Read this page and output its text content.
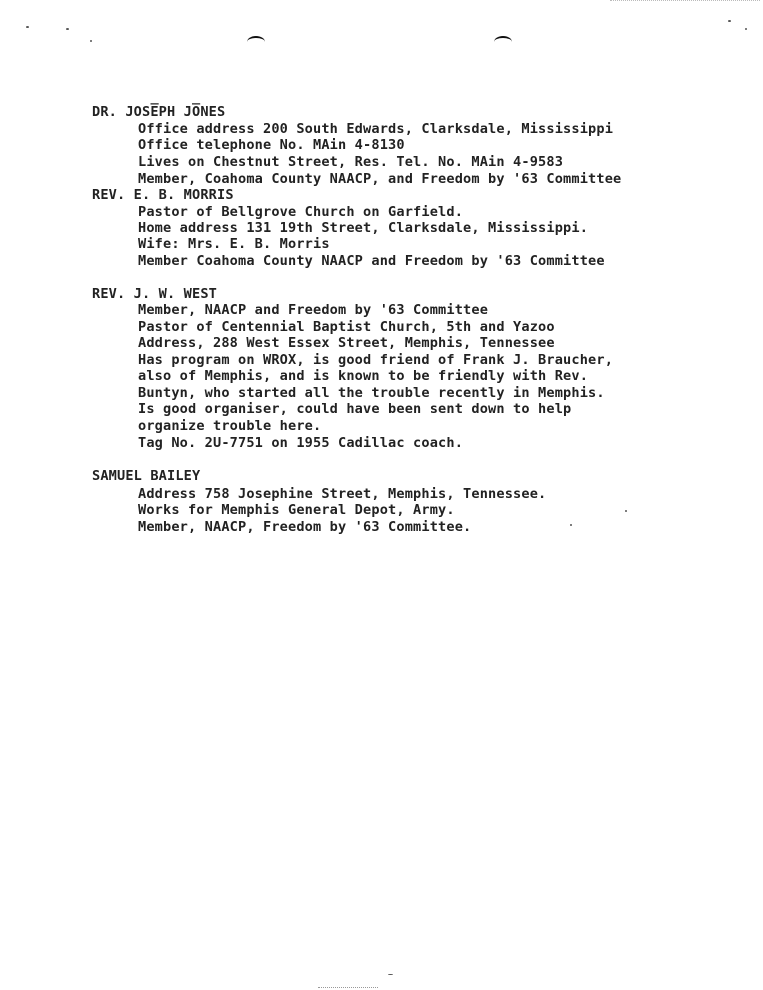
DR. JOSE̅PH JO̅NES
Office address 200 South Edwards, Clarksdale, Mississippi
Office telephone No. MAin 4-8130
Lives on Chestnut Street, Res. Tel. No. MAin 4-9583
Member, Coahoma County NAACP, and Freedom by '63 Committee
REV. E. B. MORRIS
Pastor of Bellgrove Church on Garfield.
Home address 131 19th Street, Clarksdale, Mississippi.
Wife: Mrs. E. B. Morris
Member Coahoma County NAACP and Freedom by '63 Committee
REV. J. W. WEST
Member, NAACP and Freedom by '63 Committee
Pastor of Centennial Baptist Church, 5th and Yazoo
Address, 288 West Essex Street, Memphis, Tennessee
Has program on WROX, is good friend of Frank J. Braucher,
also of Memphis, and is known to be friendly with Rev.
Buntyn, who started all the trouble recently in Memphis.
Is good organiser, could have been sent down to help
organize trouble here.
Tag No. 2U-7751 on 1955 Cadillac coach.
SAMUEL BAILEY
Address 758 Josephine Street, Memphis, Tennessee.
Works for Memphis General Depot, Army.
Member, NAACP, Freedom by '63 Committee.
